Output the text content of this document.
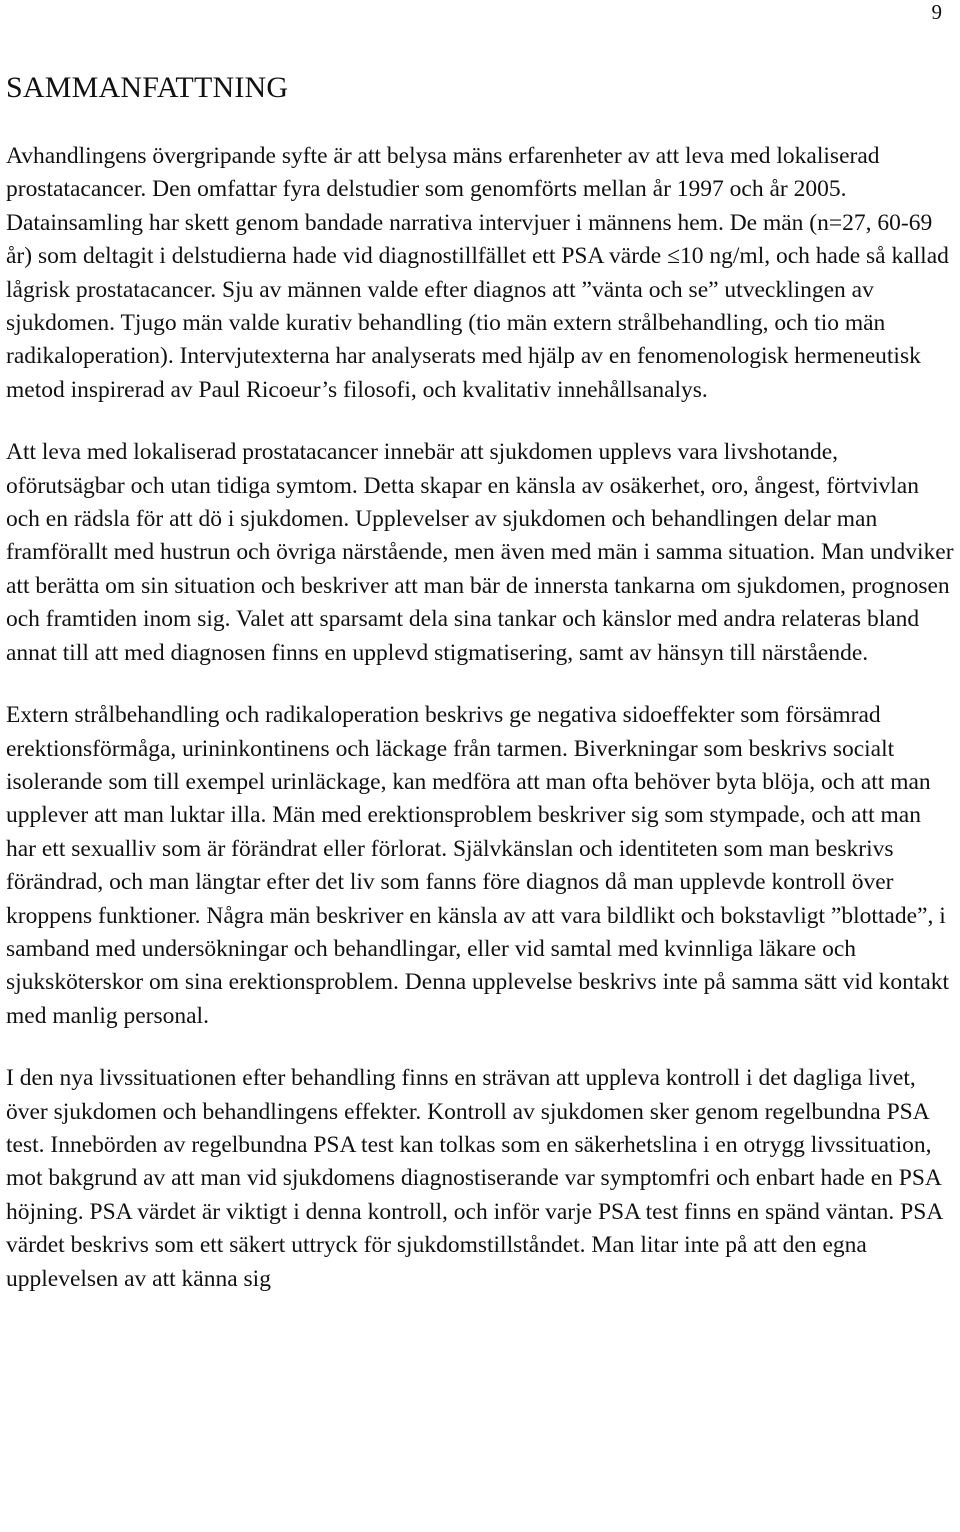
9
SAMMANFATTNING

Avhandlingens övergripande syfte är att belysa mäns erfarenheter av att leva med lokaliserad prostatacancer. Den omfattar fyra delstudier som genomförts mellan år 1997 och år 2005. Datainsamling har skett genom bandade narrativa intervjuer i männens hem. De män (n=27, 60-69 år) som deltagit i delstudierna hade vid diagnostillfället ett PSA värde ≤10 ng/ml, och hade så kallad lågrisk prostatacancer. Sju av männen valde efter diagnos att ”vänta och se” utvecklingen av sjukdomen. Tjugo män valde kurativ behandling (tio män extern strålbehandling, och tio män radikaloperation). Intervjutexterna har analyserats med hjälp av en fenomenologisk hermeneutisk metod inspirerad av Paul Ricoeur’s filosofi, och kvalitativ innehållsanalys.

Att leva med lokaliserad prostatacancer innebär att sjukdomen upplevs vara livshotande, oförutsägbar och utan tidiga symtom. Detta skapar en känsla av osäkerhet, oro, ångest, förtvivlan och en rädsla för att dö i sjukdomen. Upplevelser av sjukdomen och behandlingen delar man framförallt med hustrun och övriga närstående, men även med män i samma situation. Man undviker att berätta om sin situation och beskriver att man bär de innersta tankarna om sjukdomen, prognosen och framtiden inom sig. Valet att sparsamt dela sina tankar och känslor med andra relateras bland annat till att med diagnosen finns en upplevd stigmatisering, samt av hänsyn till närstående.

Extern strålbehandling och radikaloperation beskrivs ge negativa sidoeffekter som försämrad erektionsförmåga, urininkontinens och läckage från tarmen. Biverkningar som beskrivs socialt isolerande som till exempel urinläckage, kan medföra att man ofta behöver byta blöja, och att man upplever att man luktar illa. Män med erektionsproblem beskriver sig som stympade, och att man har ett sexualliv som är förändrat eller förlorat. Självkänslan och identiteten som man beskrivs förändrad, och man längtar efter det liv som fanns före diagnos då man upplevde kontroll över kroppens funktioner. Några män beskriver en känsla av att vara bildlikt och bokstavligt ”blottade”, i samband med undersökningar och behandlingar, eller vid samtal med kvinnliga läkare och sjuksköterskor om sina erektionsproblem. Denna upplevelse beskrivs inte på samma sätt vid kontakt med manlig personal.

I den nya livssituationen efter behandling finns en strävan att uppleva kontroll i det dagliga livet, över sjukdomen och behandlingens effekter. Kontroll av sjukdomen sker genom regelbundna PSA test. Innebörden av regelbundna PSA test kan tolkas som en säkerhetslina i en otrygg livssituation, mot bakgrund av att man vid sjukdomens diagnostiserande var symptomfri och enbart hade en PSA höjning. PSA värdet är viktigt i denna kontroll, och inför varje PSA test finns en spänd väntan. PSA värdet beskrivs som ett säkert uttryck för sjukdomstillståndet. Man litar inte på att den egna upplevelsen av att känna sig
